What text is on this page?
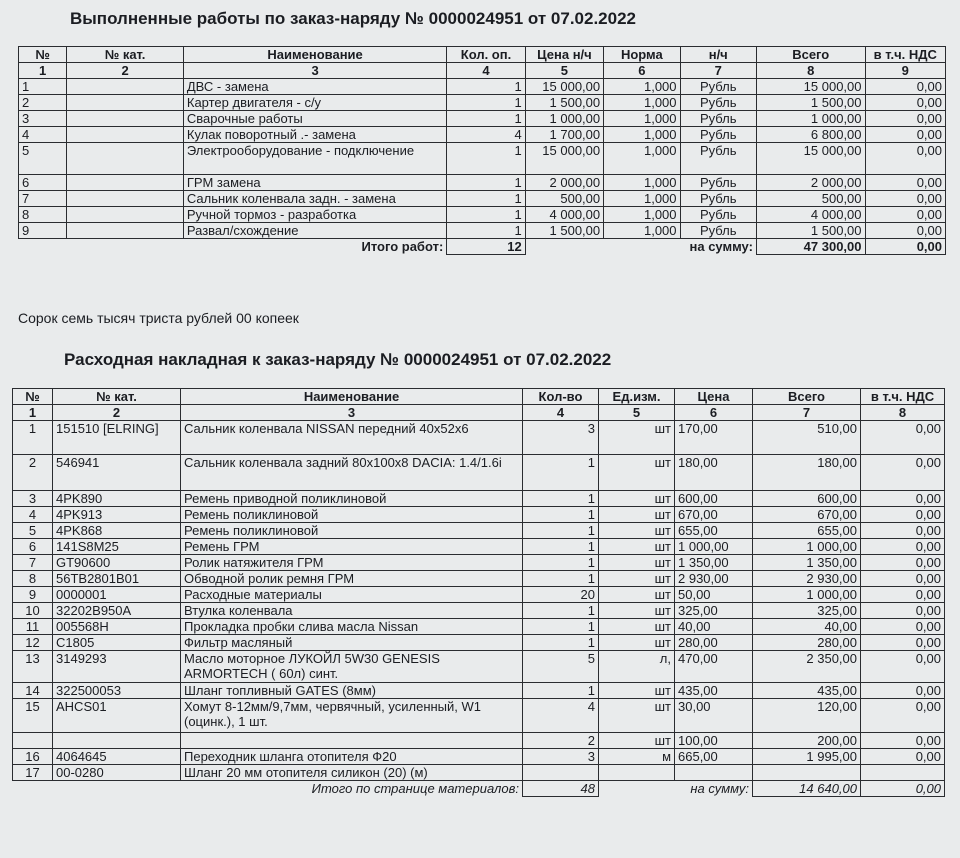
Выполненные работы по заказ-наряду № 0000024951 от 07.02.2022
№	№ кат.	Наименование	Кол. оп.	Цена н/ч	Норма	н/ч	Всего	в т.ч. НДС
1	2	3	4	5	6	7	8	9
1		ДВС - замена	1	15 000,00	1,000	Рубль	15 000,00	0,00
2		Картер двигателя - с/у	1	1 500,00	1,000	Рубль	1 500,00	0,00
3		Сварочные работы	1	1 000,00	1,000	Рубль	1 000,00	0,00
4		Кулак поворотный .- замена	4	1 700,00	1,000	Рубль	6 800,00	0,00
5		Электрооборудование - подключение	1	15 000,00	1,000	Рубль	15 000,00	0,00
6		ГРМ замена	1	2 000,00	1,000	Рубль	2 000,00	0,00
7		Сальник коленвала задн. - замена	1	500,00	1,000	Рубль	500,00	0,00
8		Ручной тормоз - разработка	1	4 000,00	1,000	Рубль	4 000,00	0,00
9		Развал/схождение	1	1 500,00	1,000	Рубль	1 500,00	0,00
Итого работ:			12	на сумму:			47 300,00	0,00
Сорок семь тысяч триста рублей 00 копеек
Расходная накладная к заказ-наряду № 0000024951 от 07.02.2022
№	№ кат.	Наименование	Кол-во	Ед.изм.	Цена	Всего	в т.ч. НДС
1	2	3	4	5	6	7	8
1	151510 [ELRING]	Сальник коленвала NISSAN передний 40x52x6	3	шт	170,00	510,00	0,00
2	546941	Сальник коленвала задний 80x100x8 DACIA: 1.4/1.6i	1	шт	180,00	180,00	0,00
3	4PK890	Ремень приводной поликлиновой	1	шт	600,00	600,00	0,00
4	4PK913	Ремень поликлиновой	1	шт	670,00	670,00	0,00
5	4PK868	Ремень поликлиновой	1	шт	655,00	655,00	0,00
6	141S8M25	Ремень ГРМ	1	шт	1 000,00	1 000,00	0,00
7	GT90600	Ролик натяжителя ГРМ	1	шт	1 350,00	1 350,00	0,00
8	56TB2801B01	Обводной ролик ремня ГРМ	1	шт	2 930,00	2 930,00	0,00
9	0000001	Расходные материалы	20	шт	50,00	1 000,00	0,00
10	32202B950A	Втулка коленвала	1	шт	325,00	325,00	0,00
11	005568H	Прокладка пробки слива масла Nissan	1	шт	40,00	40,00	0,00
12	C1805	Фильтр масляный	1	шт	280,00	280,00	0,00
13	3149293	Масло моторное ЛУКОЙЛ 5W30 GENESIS ARMORTECH ( 60л) синт.	5	л,	470,00	2 350,00	0,00
14	322500053	Шланг топливный GATES (8мм)	1	шт	435,00	435,00	0,00
15	AHCS01	Хомут 8-12мм/9,7мм, червячный, усиленный, W1 (оцинк.), 1 шт.	4	шт	30,00	120,00	0,00
			2	шт	100,00	200,00	0,00
16	4064645	Переходник шланга отопителя Ф20	3	м	665,00	1 995,00	0,00
17	00-0280	Шланг 20 мм отопителя силикон (20) (м)					
Итого по странице материалов:			48	на сумму:		14 640,00	0,00
